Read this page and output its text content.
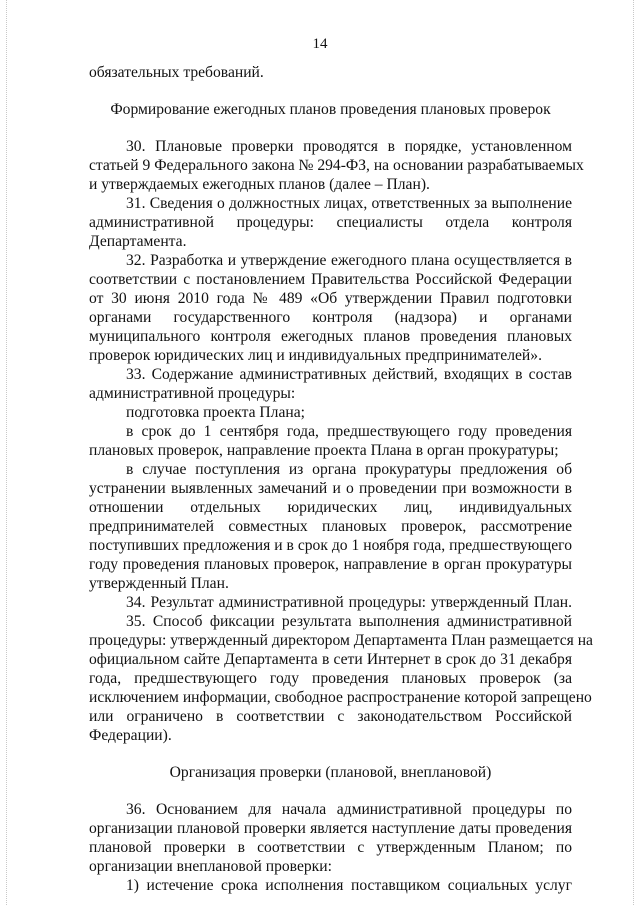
14
обязательных требований.
Формирование ежегодных планов проведения плановых проверок
30. Плановые проверки проводятся в порядке, установленном
статьей 9 Федерального закона № 294-ФЗ, на основании разрабатываемых
и утверждаемых ежегодных планов (далее – План).
31. Сведения о должностных лицах, ответственных за выполнение
административной процедуры: специалисты отдела контроля
Департамента.
32. Разработка и утверждение ежегодного плана осуществляется в
соответствии с постановлением Правительства Российской Федерации
от 30 июня 2010 года № 489 «Об утверждении Правил подготовки
органами государственного контроля (надзора) и органами
муниципального контроля ежегодных планов проведения плановых
проверок юридических лиц и индивидуальных предпринимателей».
33. Содержание административных действий, входящих в состав
административной процедуры:
подготовка проекта Плана;
в срок до 1 сентября года, предшествующего году проведения
плановых проверок, направление проекта Плана в орган прокуратуры;
в случае поступления из органа прокуратуры предложения об
устранении выявленных замечаний и о проведении при возможности в
отношении отдельных юридических лиц, индивидуальных
предпринимателей совместных плановых проверок, рассмотрение
поступивших предложения и в срок до 1 ноября года, предшествующего
году проведения плановых проверок, направление в орган прокуратуры
утвержденный План.
34. Результат административной процедуры: утвержденный План.
35. Способ фиксации результата выполнения административной
процедуры: утвержденный директором Департамента План размещается на
официальном сайте Департамента в сети Интернет в срок до 31 декабря
года, предшествующего году проведения плановых проверок (за
исключением информации, свободное распространение которой запрещено
или ограничено в соответствии с законодательством Российской
Федерации).
Организация проверки (плановой, внеплановой)
36. Основанием для начала административной процедуры по
организации плановой проверки является наступление даты проведения
плановой проверки в соответствии с утвержденным Планом; по
организации внеплановой проверки:
1) истечение срока исполнения поставщиком социальных услуг
